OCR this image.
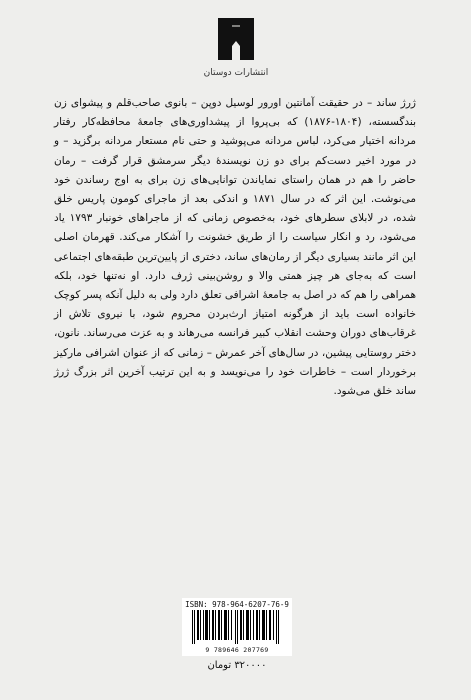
انتشارات دوستان

ژرژ ساند – در حقیقت آمانتین اورور لوسیل دوپن – بانوی صاحب‌قلم و پیشوای زن بندگسسته، (۱۸۰۴-۱۸۷۶) که بی‌پروا از پیشداوری‌های جامعهٔ محافظه‌کار رفتار مردانه اختیار می‌کرد، لباس مردانه می‌پوشید و حتی نام مستعار مردانه برگزید – و در مورد اخیر دست‌کم برای دو زن نویسندهٔ دیگر سرمشق قرار گرفت – رمان حاضر را هم در همان راستای نمایاندن توانایی‌های زن برای به اوج رساندن خود می‌نوشت. این اثر که در سال ۱۸۷۱ و اندکی بعد از ماجرای کومون پاریس خلق شده، در لابلای سطرهای خود، به‌خصوص زمانی که از ماجراهای خونبار ۱۷۹۳ یاد می‌شود، رد و انکار سیاست را از طریق خشونت را آشکار می‌کند. قهرمان اصلی این اثر مانند بسیاری دیگر از رمان‌های ساند، دختری از پایین‌ترین طبقه‌های اجتماعی است که به‌جای هر چیز همتی والا و روشن‌بینی ژرف دارد. او نه‌تنها خود، بلکه همراهی را هم که در اصل به جامعهٔ اشرافی تعلق دارد ولی به دلیل آنکه پسر کوچک خانواده است باید از هرگونه امتیاز ارث‌بردن محروم شود، با نیروی تلاش از غرقاب‌های دوران وحشت انقلاب کبیر فرانسه می‌رهاند و به عزت می‌رساند. نانون، دختر روستایی پیشین، در سال‌های آخر عمرش – زمانی که از عنوان اشرافی مارکیز برخوردار است – خاطرات خود را می‌نویسد و به این ترتیب آخرین اثر بزرگ ژرژ ساند خلق می‌شود.

ISBN: 978-964-6207-76-9
9 789646 207769
۳۲۰۰۰۰ تومان
